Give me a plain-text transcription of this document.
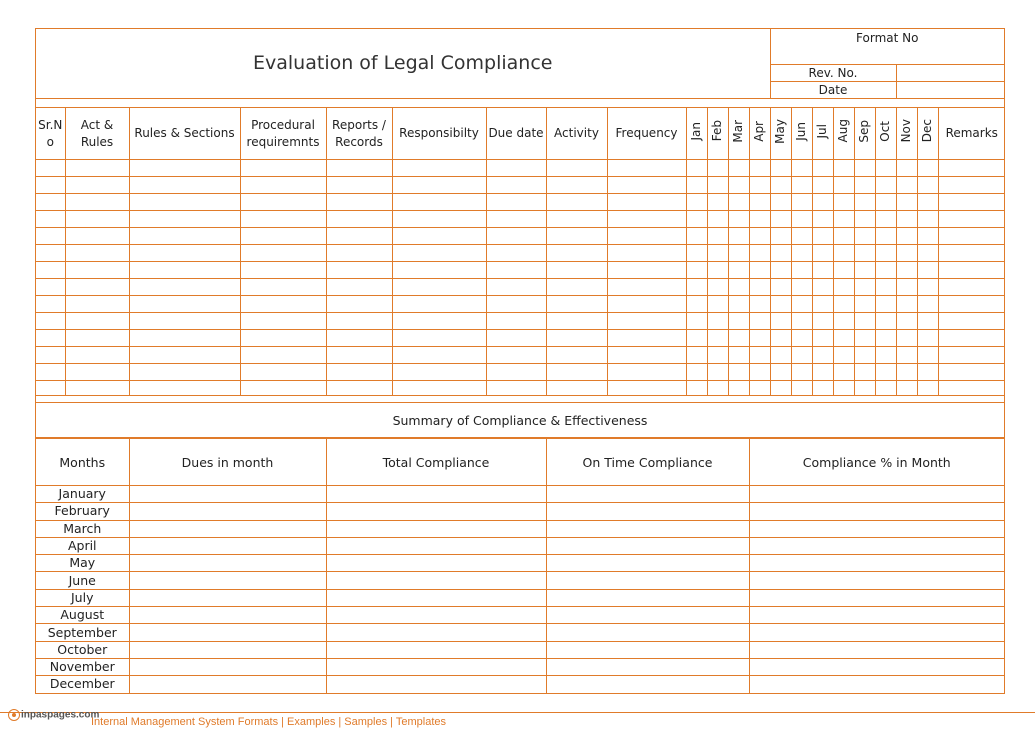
Evaluation of Legal Compliance	Format No	
	Rev. No.	
	Date	
Sr.N o	Act & Rules	Rules & Sections	Procedural requiremnts	Reports / Records	Responsibilty	Due date	Activity	Frequency	Jan	Feb	Mar	Apr	May	Jun	Jul	Aug	Sep	Oct	Nov	Dec	Remarks

Summary of Compliance & Effectiveness
Months	Dues in month	Total Compliance	On Time Compliance	Compliance % in Month
January				
February				
March				
April				
May				
June				
July				
August				
September				
October				
November				
December				
inpaspages.com
Internal Management System Formats | Examples | Samples | Templates
